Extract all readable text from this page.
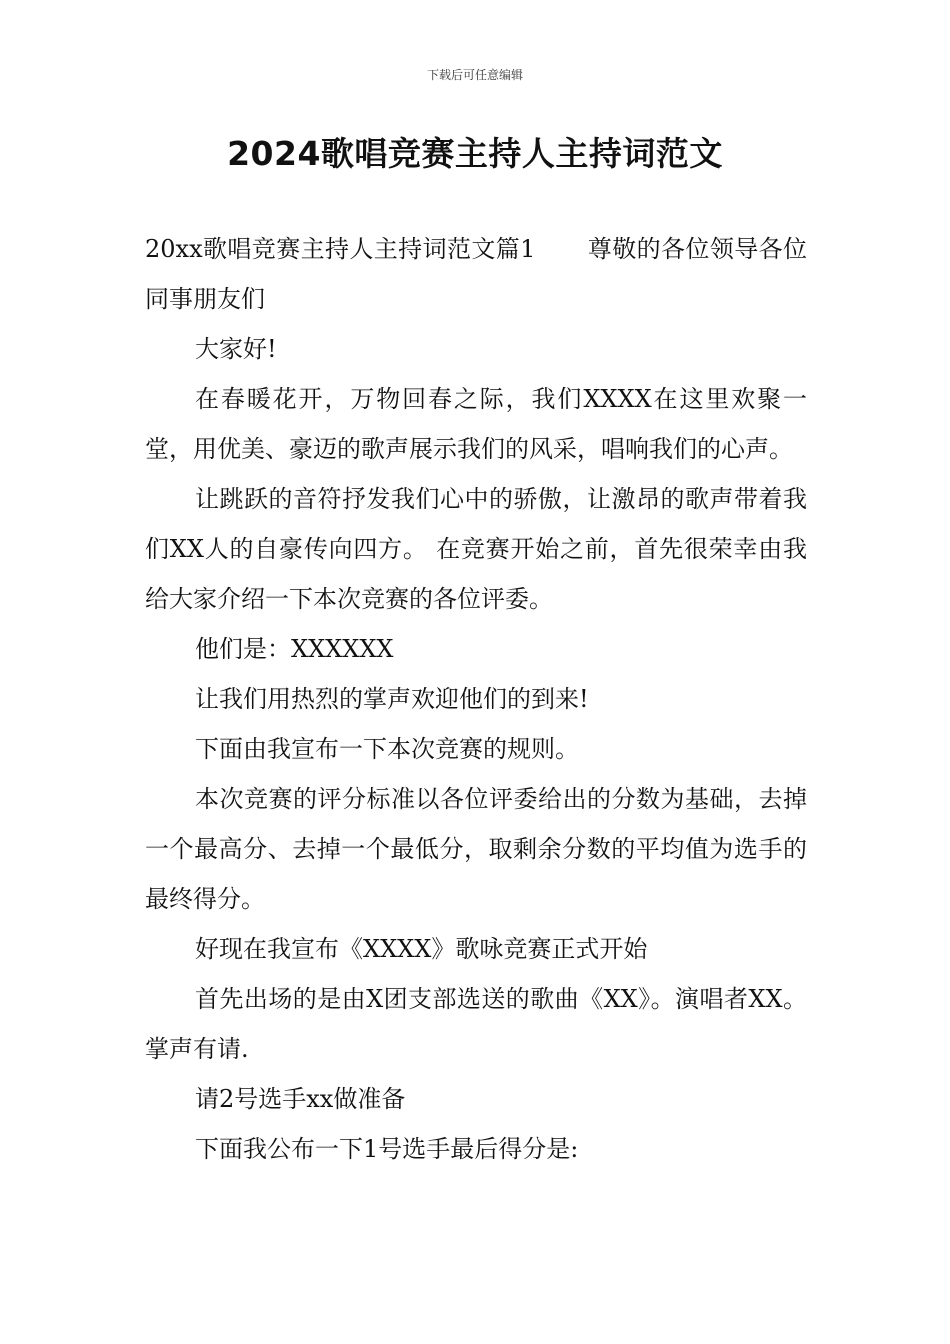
下载后可任意编辑
2024歌唱竞赛主持人主持词范文

20xx歌唱竞赛主持人主持词范文篇1 尊敬的各位领导各位同事朋友们

大家好!

在春暖花开，万物回春之际，我们XXXX在这里欢聚一堂，用优美、豪迈的歌声展示我们的风采，唱响我们的心声。

让跳跃的音符抒发我们心中的骄傲，让激昂的歌声带着我们XX人的自豪传向四方。 在竞赛开始之前，首先很荣幸由我给大家介绍一下本次竞赛的各位评委。

他们是：XXXXXX

让我们用热烈的掌声欢迎他们的到来!

下面由我宣布一下本次竞赛的规则。

本次竞赛的评分标准以各位评委给出的分数为基础，去掉一个最高分、去掉一个最低分，取剩余分数的平均值为选手的最终得分。

好现在我宣布《XXXX》歌咏竞赛正式开始

首先出场的是由X团支部选送的歌曲《XX》。演唱者XX。掌声有请.

请2号选手xx做准备

下面我公布一下1号选手最后得分是:
